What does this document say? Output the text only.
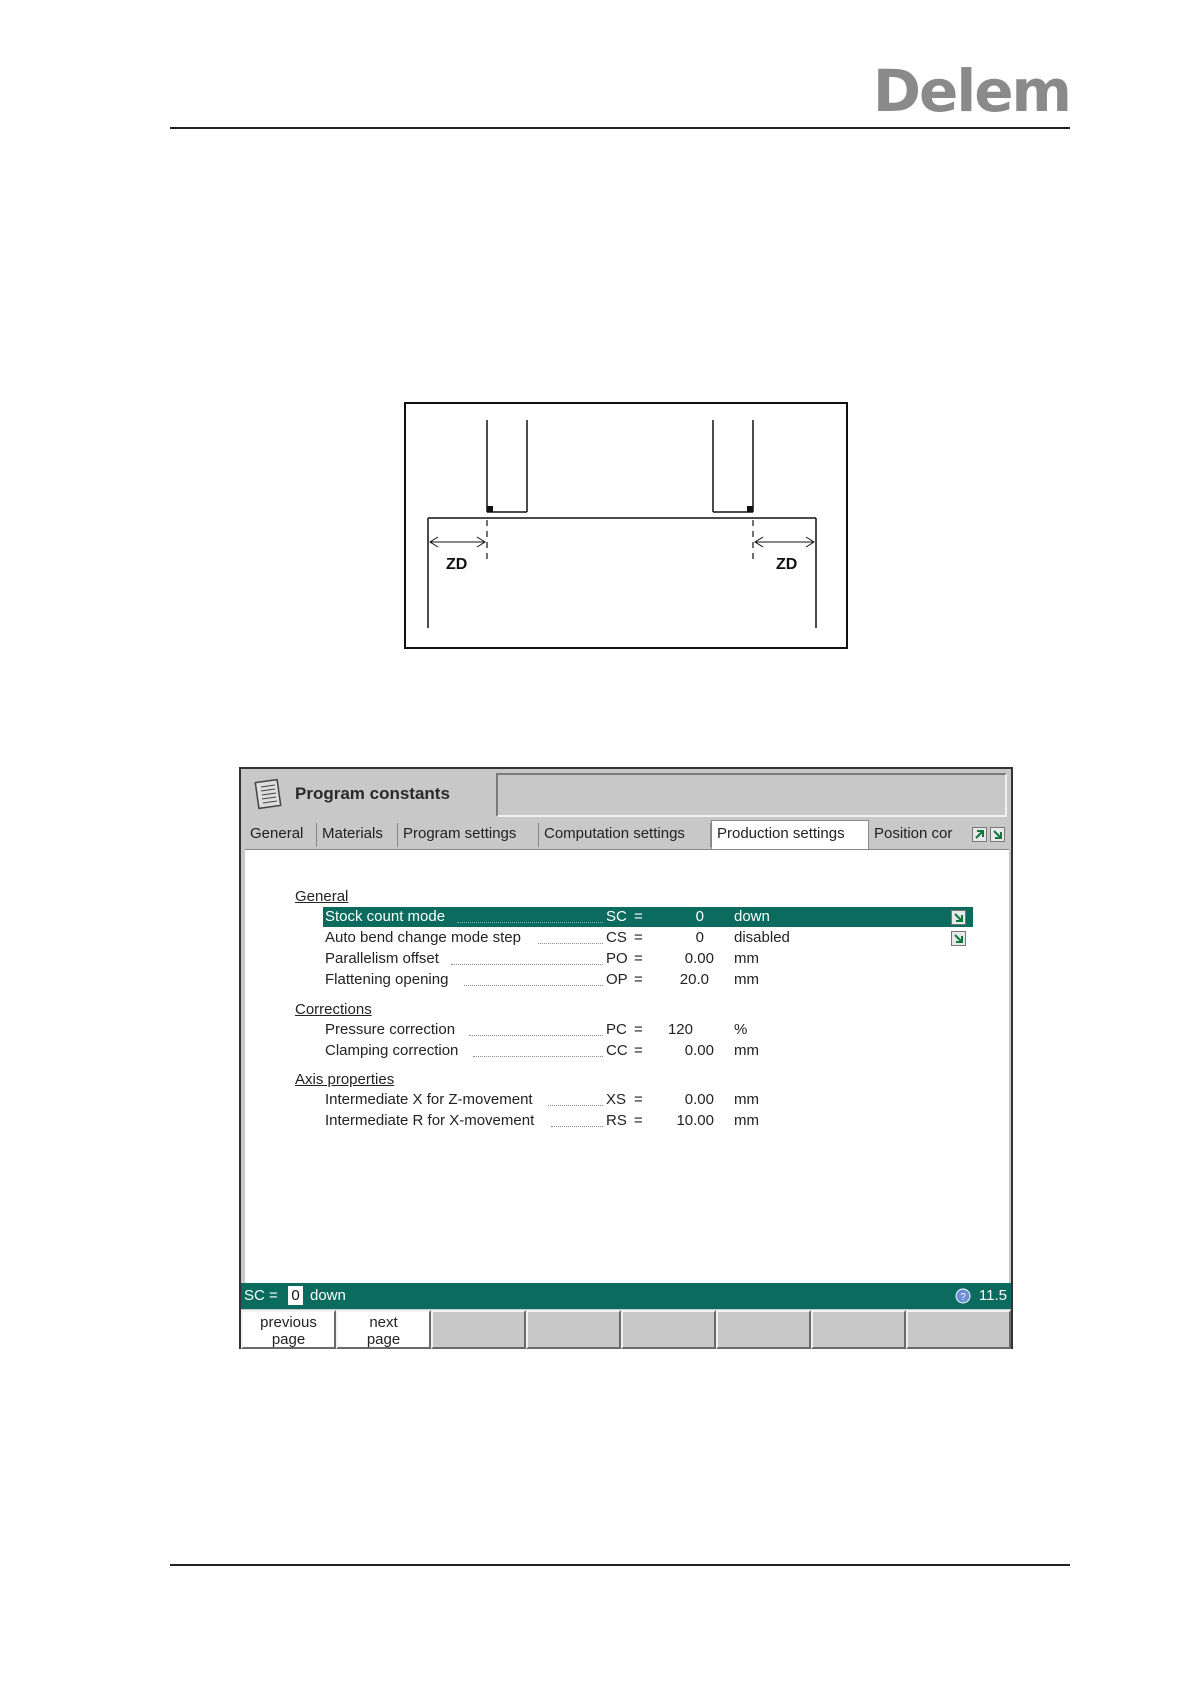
Delem
ZD	ZD
Program constants
General	Materials	Program settings	Computation settings	Production settings	Position cor
General
Stock count mode	SC =	0 down
Auto bend change mode step	CS =	0 disabled
Parallelism offset	PO =	0.00 mm
Flattening opening	OP = 20.0 mm
Corrections
Pressure correction	PC = 120	%
Clamping correction	CC =	0.00 mm
Axis properties
Intermediate X for Z-movement	XS =	0.00 mm
Intermediate R for X-movement	RS = 10.00 mm
SC = 0 down	? 11.5
previous
page
next
page
